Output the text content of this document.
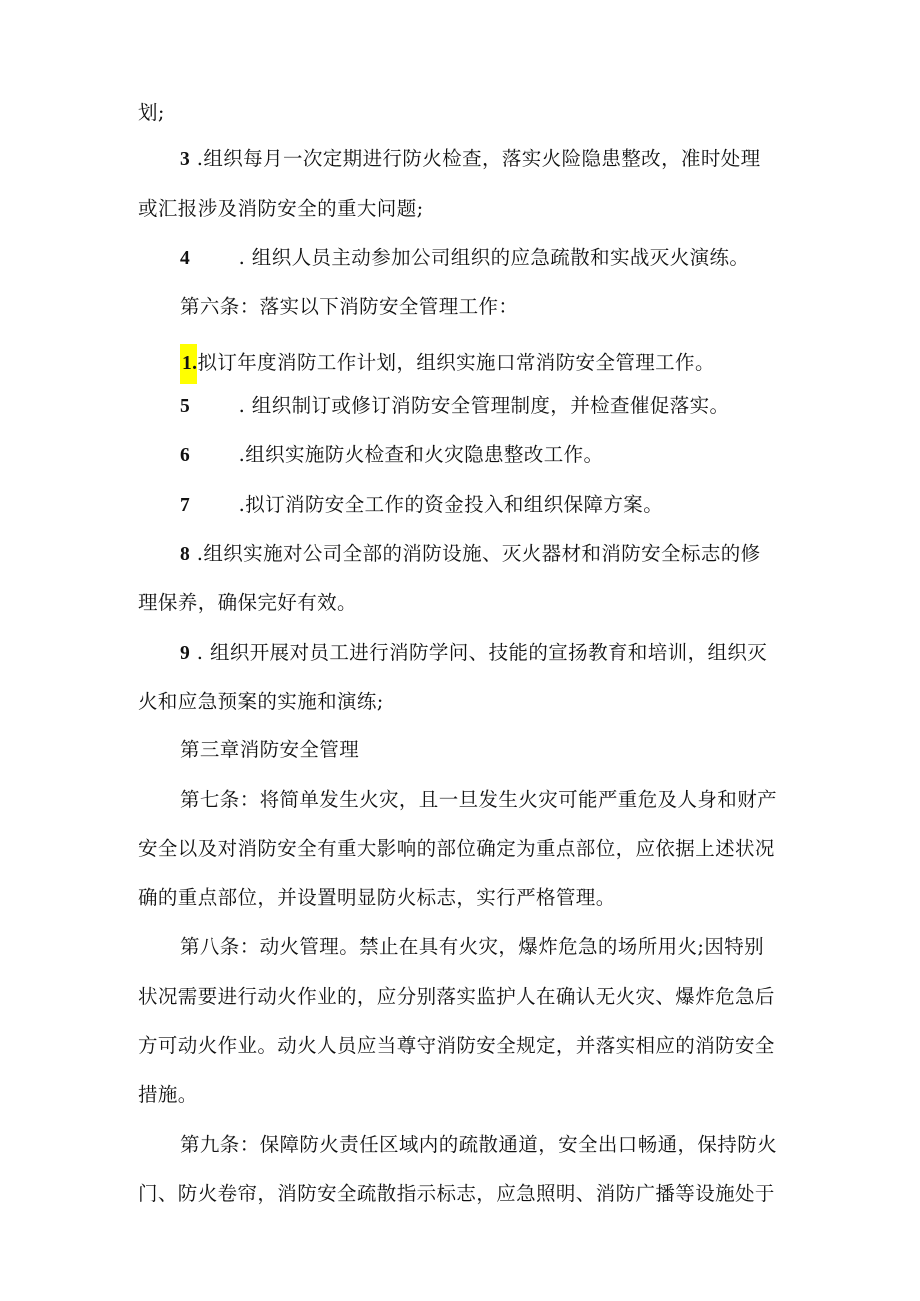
划;
3 .组织每月一次定期进行防火检查，落实火险隐患整改，准时处理
或汇报涉及消防安全的重大问题;
4 . 组织人员主动参加公司组织的应急疏散和实战灭火演练。
第六条：落实以下消防安全管理工作：
1.拟订年度消防工作计划，组织实施口常消防安全管理工作。
5 . 组织制订或修订消防安全管理制度，并检查催促落实。
6 .组织实施防火检查和火灾隐患整改工作。
7 .拟订消防安全工作的资金投入和组织保障方案。
8 .组织实施对公司全部的消防设施、灭火器材和消防安全标志的修
理保养，确保完好有效。
9 . 组织开展对员工进行消防学问、技能的宣扬教育和培训，组织灭
火和应急预案的实施和演练;
第三章消防安全管理
第七条：将简单发生火灾，且一旦发生火灾可能严重危及人身和财产
安全以及对消防安全有重大影响的部位确定为重点部位，应依据上述状况
确的重点部位，并设置明显防火标志，实行严格管理。
第八条：动火管理。禁止在具有火灾，爆炸危急的场所用火;因特别
状况需要进行动火作业的，应分别落实监护人在确认无火灾、爆炸危急后
方可动火作业。动火人员应当尊守消防安全规定，并落实相应的消防安全
措施。
第九条：保障防火责任区域内的疏散通道，安全出口畅通，保持防火
门、防火卷帘，消防安全疏散指示标志，应急照明、消防广播等设施处于
